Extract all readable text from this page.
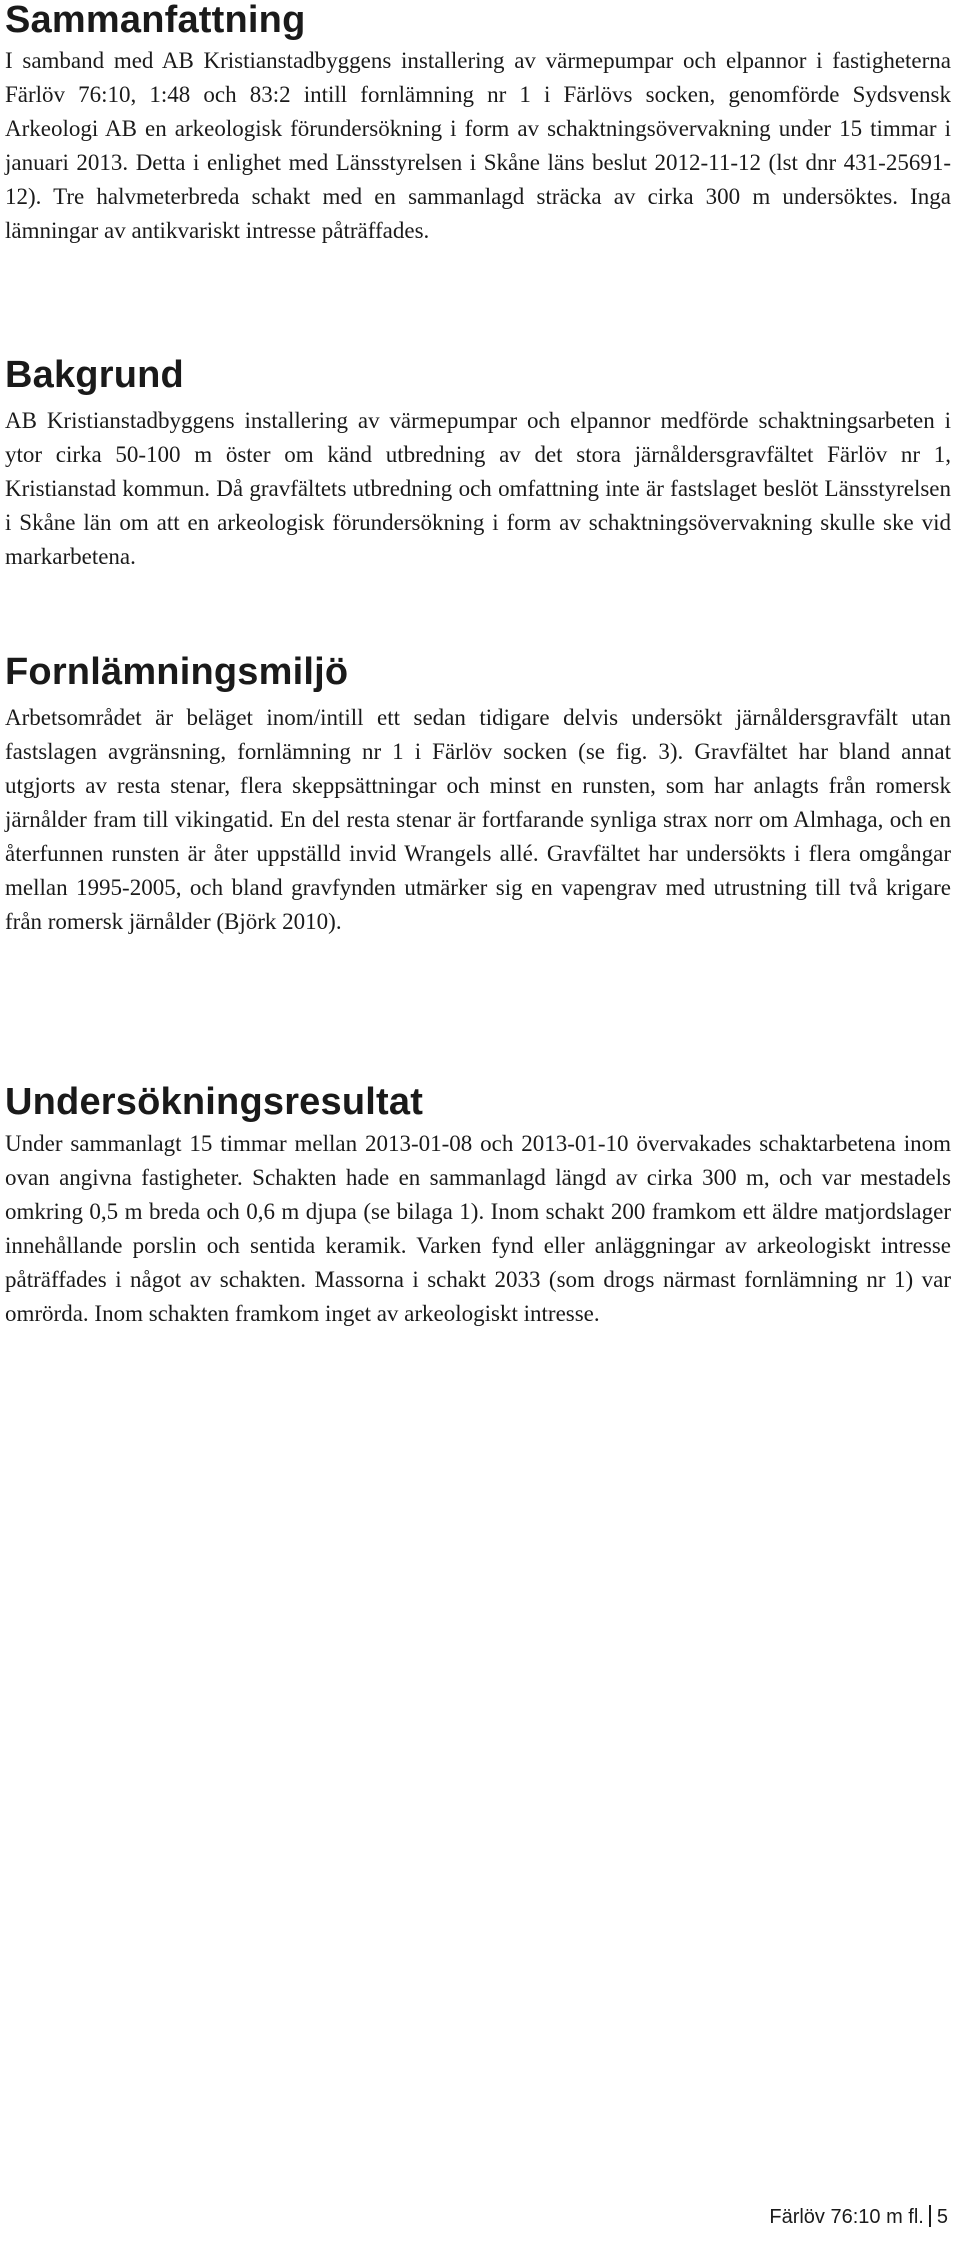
Sammanfattning

I samband med AB Kristianstadbyggens installering av värmepumpar och elpannor i fastigheterna Färlöv 76:10, 1:48 och 83:2 intill fornlämning nr 1 i Färlövs socken, genomförde Sydsvensk Arkeologi AB en arkeologisk förundersökning i form av schaktningsövervakning under 15 timmar i januari 2013. Detta i enlighet med Länsstyrelsen i Skåne läns beslut 2012-11-12 (lst dnr 431-25691-12). Tre halvmeterbreda schakt med en sammanlagd sträcka av cirka 300 m undersöktes. Inga lämningar av antikvariskt intresse påträffades.

Bakgrund

AB Kristianstadbyggens installering av värmepumpar och elpannor medförde schaktningsarbeten i ytor cirka 50-100 m öster om känd utbredning av det stora järnåldersgravfältet Färlöv nr 1, Kristianstad kommun. Då gravfältets utbredning och omfattning inte är fastslaget beslöt Länsstyrelsen i Skåne län om att en arkeologisk förundersökning i form av schaktningsövervakning skulle ske vid markarbetena.

Fornlämningsmiljö

Arbetsområdet är beläget inom/intill ett sedan tidigare delvis undersökt järnåldersgravfält utan fastslagen avgränsning, fornlämning nr 1 i Färlöv socken (se fig. 3). Gravfältet har bland annat utgjorts av resta stenar, flera skeppsättningar och minst en runsten, som har anlagts från romersk järnålder fram till vikingatid. En del resta stenar är fortfarande synliga strax norr om Almhaga, och en återfunnen runsten är åter uppställd invid Wrangels allé. Gravfältet har undersökts i flera omgångar mellan 1995-2005, och bland gravfynden utmärker sig en vapengrav med utrustning till två krigare från romersk järnålder (Björk 2010).

Undersökningsresultat

Under sammanlagt 15 timmar mellan 2013-01-08 och 2013-01-10 övervakades schaktarbetena inom ovan angivna fastigheter. Schakten hade en sammanlagd längd av cirka 300 m, och var mestadels omkring 0,5 m breda och 0,6 m djupa (se bilaga 1). Inom schakt 200 framkom ett äldre matjordslager innehållande porslin och sentida keramik. Varken fynd eller anläggningar av arkeologiskt intresse påträffades i något av schakten. Massorna i schakt 2033 (som drogs närmast fornlämning nr 1) var omrörda. Inom schakten framkom inget av arkeologiskt intresse.

Färlöv 76:10 m fl. 5
